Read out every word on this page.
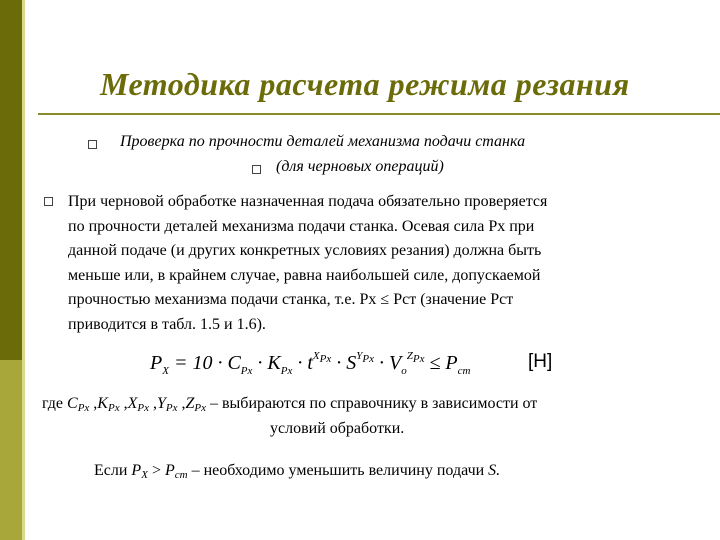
Методика расчета режима резания
Проверка по прочности деталей механизма подачи станка
(для черновых операций)
При черновой обработке назначенная подача обязательно проверяется
по прочности деталей механизма подачи станка. Осевая сила Px при
данной подаче (и других конкретных условиях резания) должна быть
меньше или, в крайнем случае, равна наибольшей силе, допускаемой
прочностью механизма подачи станка, т.е. Px ≤ Pст (значение Pст
приводится в табл. 1.5 и 1.6).
$P_X = 10 \cdot C_{Px} \cdot K_{Px} \cdot t^{X_{Px}} \cdot S^{Y_{Px}} \cdot V_o^{Z_{Px}} \le P_{cm}$	[H]
где CPx ,KPx ,XPx ,YPx ,ZPx – выбираются по справочнику в зависимости от
условий обработки.
Если PX > Pcm – необходимо уменьшить величину подачи S.
